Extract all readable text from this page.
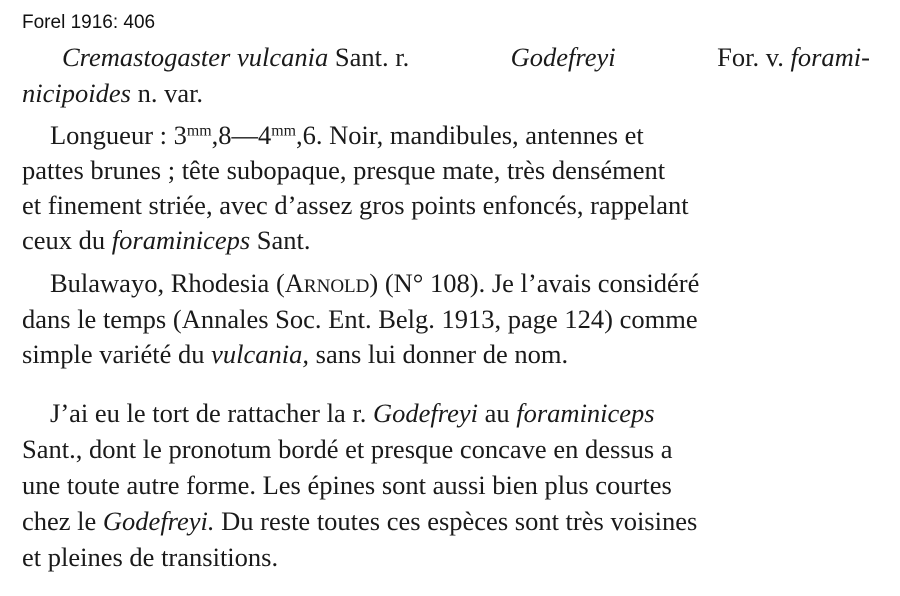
Forel 1916: 406
Cremastogaster vulcania Sant. r.	Godefreyi	For. v. forami-
nicipoides n. var.
Longueur : $3^{mm},8—4^{mm},6$. Noir, mandibules, antennes et
pattes brunes ; tête subopaque, presque mate, très densément
et finement striée, avec d’assez gros points enfoncés, rappelant
ceux du foraminiceps Sant.
Bulawayo, Rhodesia (Arnold) (N° 108). Je l’avais considéré
dans le temps (Annales Soc. Ent. Belg. 1913, page 124) comme
simple variété du vulcania, sans lui donner de nom.
J’ai eu le tort de rattacher la r. Godefreyi au foraminiceps
Sant., dont le pronotum bordé et presque concave en dessus a
une toute autre forme. Les épines sont aussi bien plus courtes
chez le Godefreyi. Du reste toutes ces espèces sont très voisines
et pleines de transitions.
